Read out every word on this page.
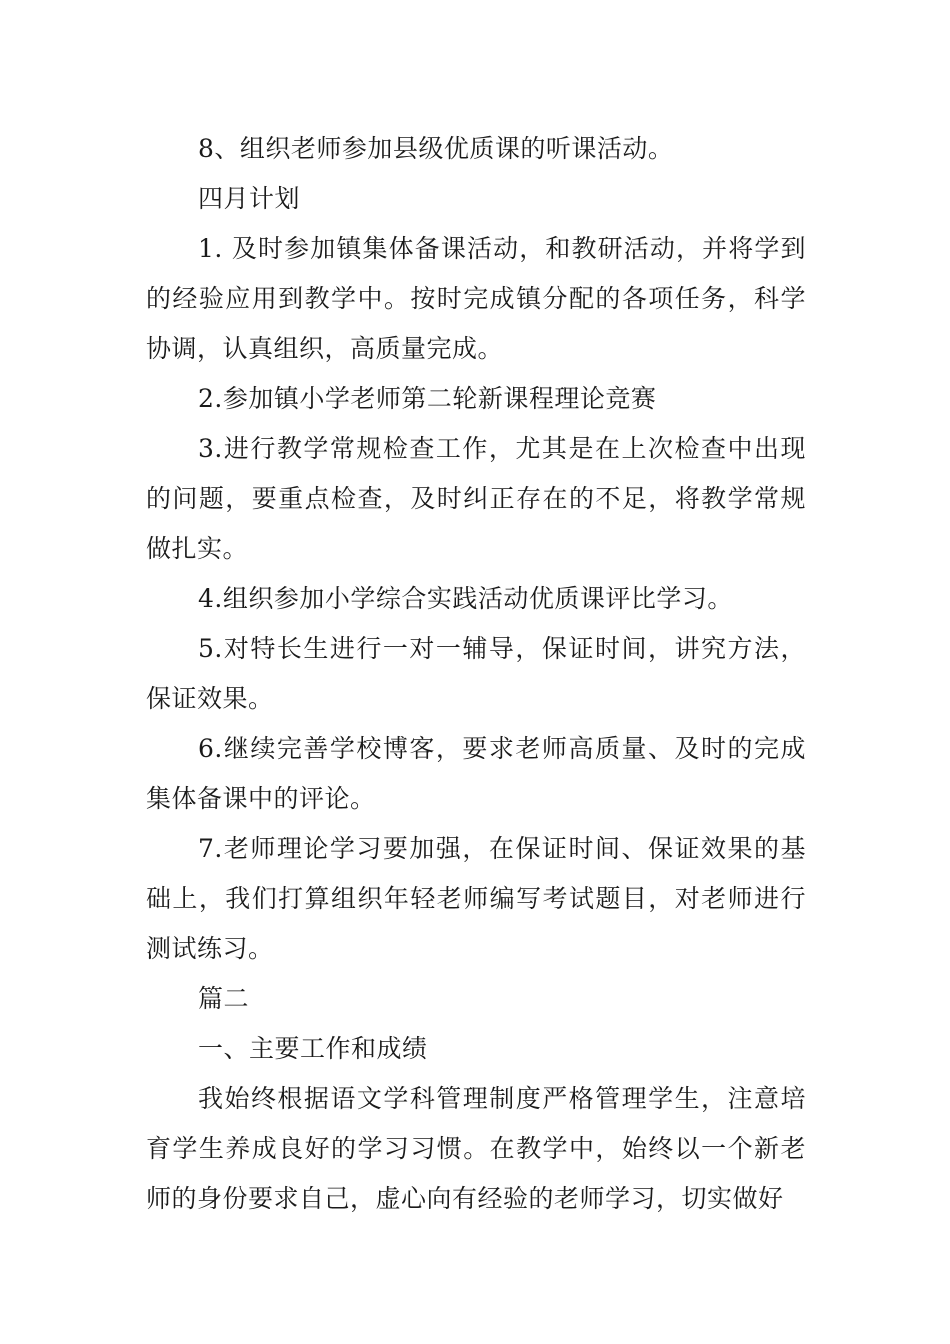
8、组织老师参加县级优质课的听课活动。

四月计划

1. 及时参加镇集体备课活动，和教研活动，并将学到的经验应用到教学中。按时完成镇分配的各项任务，科学协调，认真组织，高质量完成。

2.参加镇小学老师第二轮新课程理论竞赛

3.进行教学常规检查工作，尤其是在上次检查中出现的问题，要重点检查，及时纠正存在的不足，将教学常规做扎实。

4.组织参加小学综合实践活动优质课评比学习。

5.对特长生进行一对一辅导，保证时间，讲究方法，保证效果。

6.继续完善学校博客，要求老师高质量、及时的完成集体备课中的评论。

7.老师理论学习要加强，在保证时间、保证效果的基础上，我们打算组织年轻老师编写考试题目，对老师进行测试练习。

篇二

一、主要工作和成绩

我始终根据语文学科管理制度严格管理学生，注意培育学生养成良好的学习习惯。在教学中，始终以一个新老师的身份要求自己，虚心向有经验的老师学习，切实做好
